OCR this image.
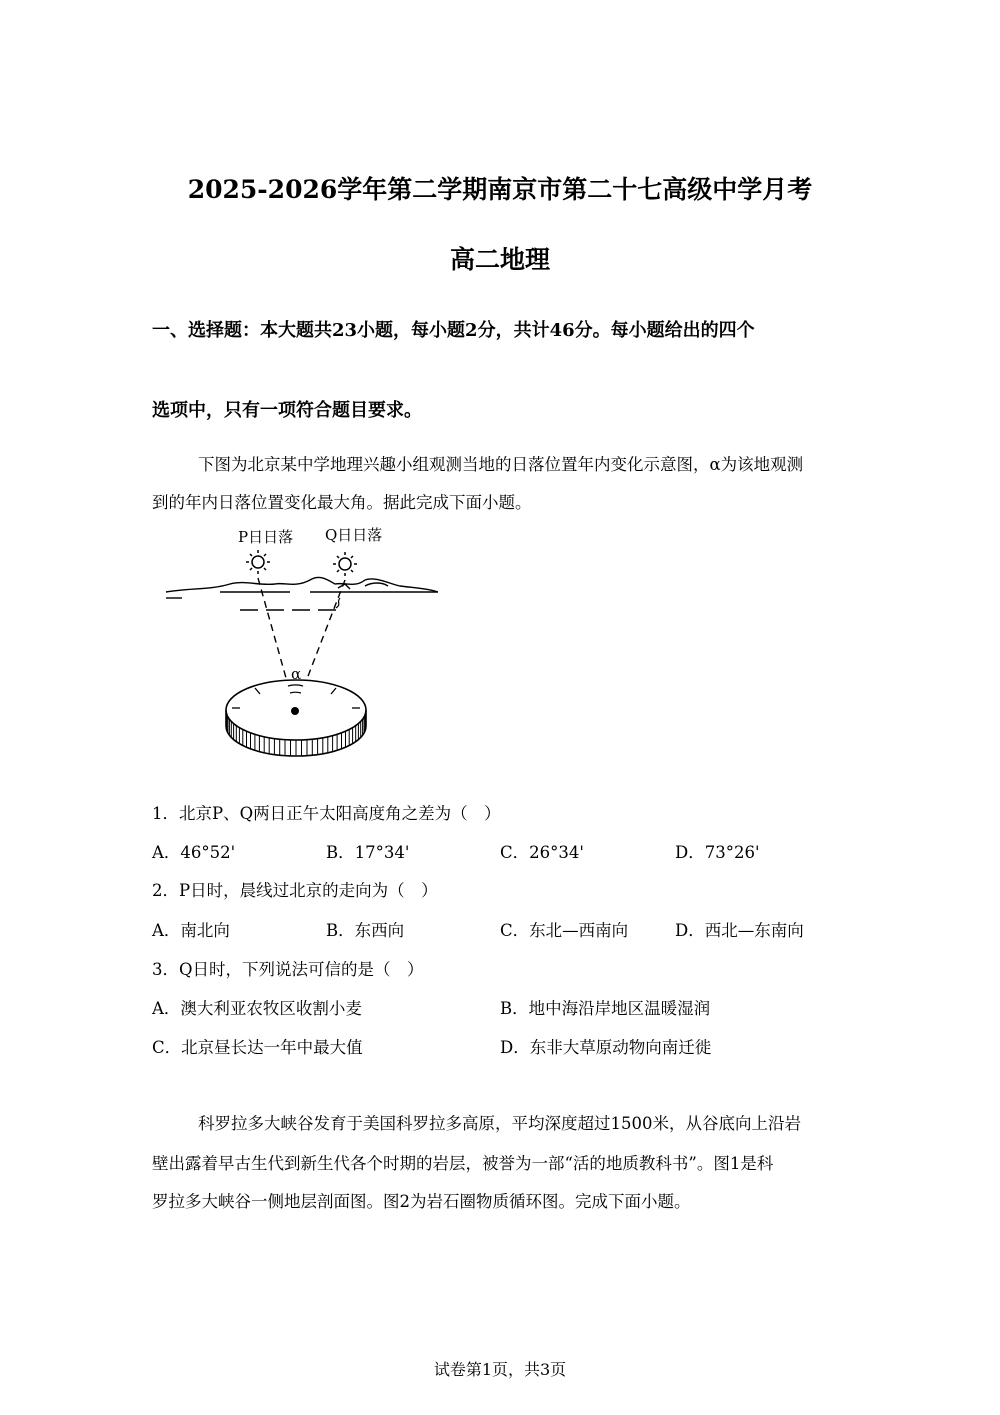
2025-2026学年第二学期南京市第二十七高级中学月考
高二地理
一、选择题：本大题共23小题，每小题2分，共计46分。每小题给出的四个
选项中，只有一项符合题目要求。
下图为北京某中学地理兴趣小组观测当地的日落位置年内变化示意图，α为该地观测
到的年内日落位置变化最大角。据此完成下面小题。
P日日落 Q日日落
α
1．北京P、Q两日正午太阳高度角之差为（　）
A．46°52'	B．17°34'	C．26°34'	D．73°26'
2．P日时，晨线过北京的走向为（　）
A．南北向	B．东西向	C．东北—西南向	D．西北—东南向
3．Q日时，下列说法可信的是（　）
A．澳大利亚农牧区收割小麦	B．地中海沿岸地区温暖湿润
C．北京昼长达一年中最大值	D．东非大草原动物向南迁徙
科罗拉多大峡谷发育于美国科罗拉多高原，平均深度超过1500米，从谷底向上沿岩
壁出露着早古生代到新生代各个时期的岩层，被誉为一部“活的地质教科书”。图1是科
罗拉多大峡谷一侧地层剖面图。图2为岩石圈物质循环图。完成下面小题。
试卷第1页，共3页
